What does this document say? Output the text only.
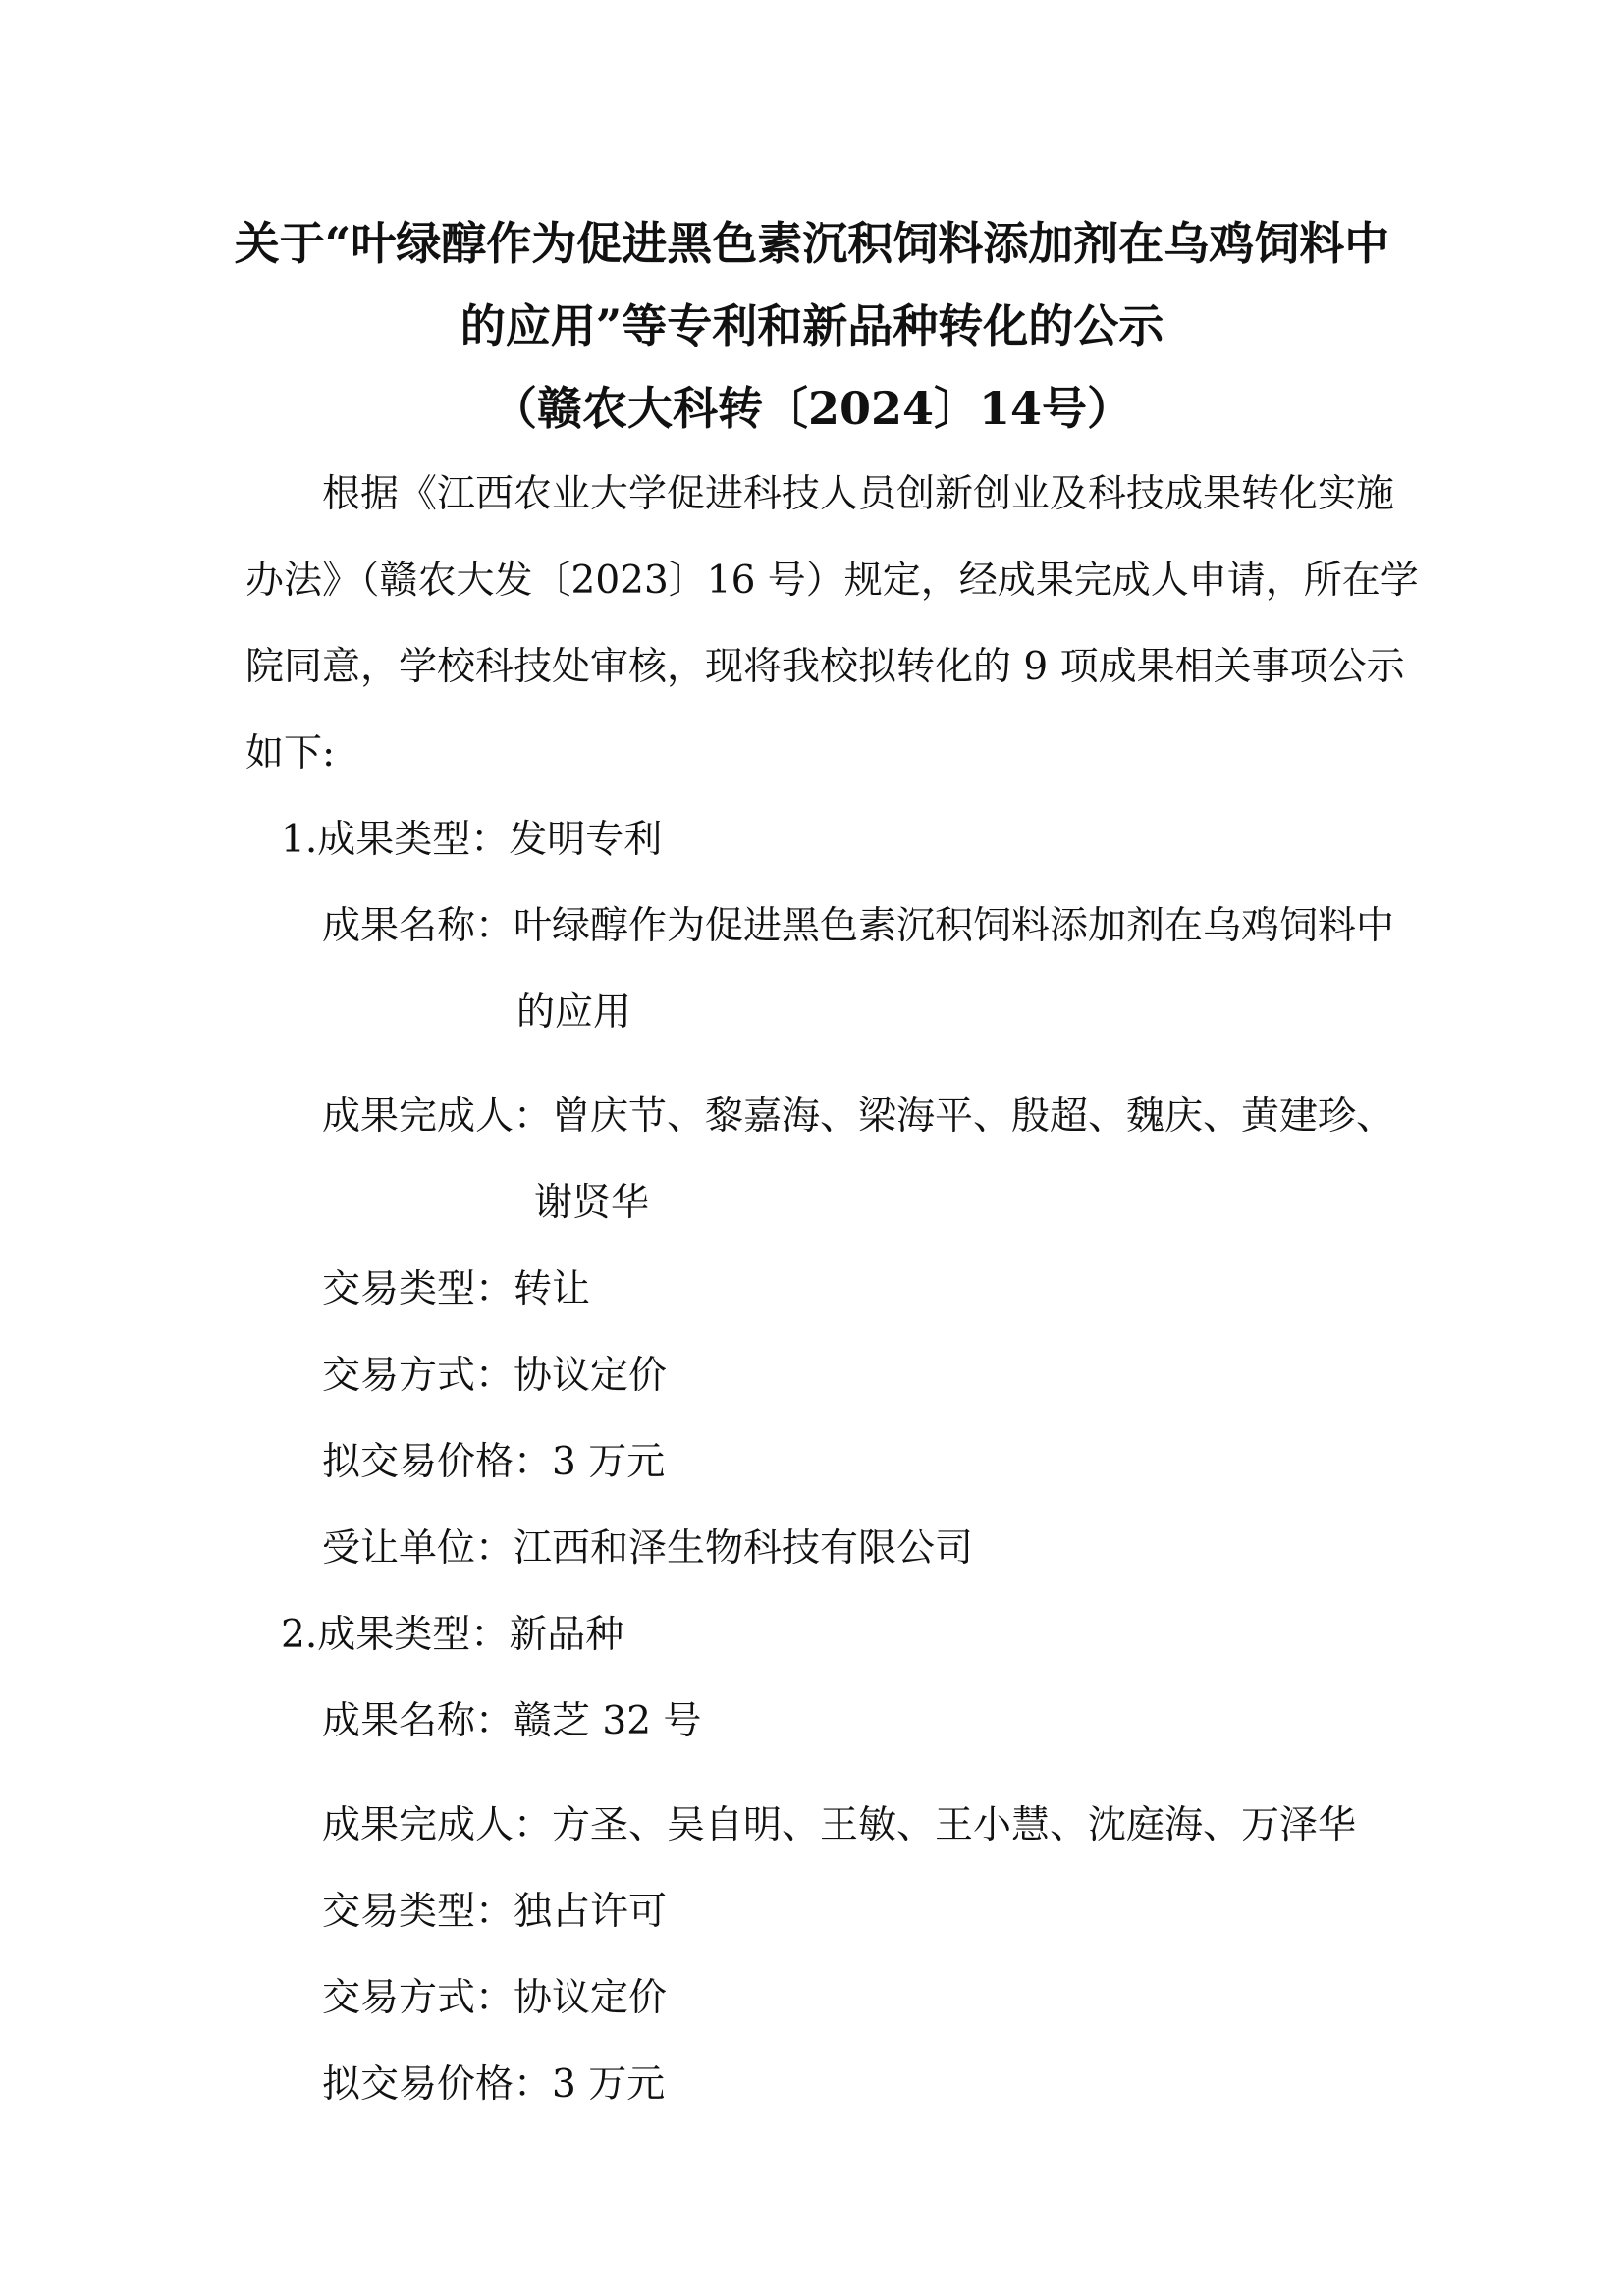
关于“叶绿醇作为促进黑色素沉积饲料添加剂在乌鸡饲料中
的应用”等专利和新品种转化的公示
（赣农大科转〔2024〕14号）
根据《江西农业大学促进科技人员创新创业及科技成果转化实施
办法》（赣农大发〔2023〕16 号）规定，经成果完成人申请，所在学
院同意，学校科技处审核，现将我校拟转化的 9 项成果相关事项公示
如下:
1.成果类型：发明专利
成果名称：叶绿醇作为促进黑色素沉积饲料添加剂在乌鸡饲料中
的应用
成果完成人：曾庆节、黎嘉海、梁海平、殷超、魏庆、黄建珍、
谢贤华
交易类型：转让
交易方式：协议定价
拟交易价格：3 万元
受让单位：江西和泽生物科技有限公司
2.成果类型：新品种
成果名称：赣芝 32 号
成果完成人：方圣、吴自明、王敏、王小慧、沈庭海、万泽华
交易类型：独占许可
交易方式：协议定价
拟交易价格：3 万元
